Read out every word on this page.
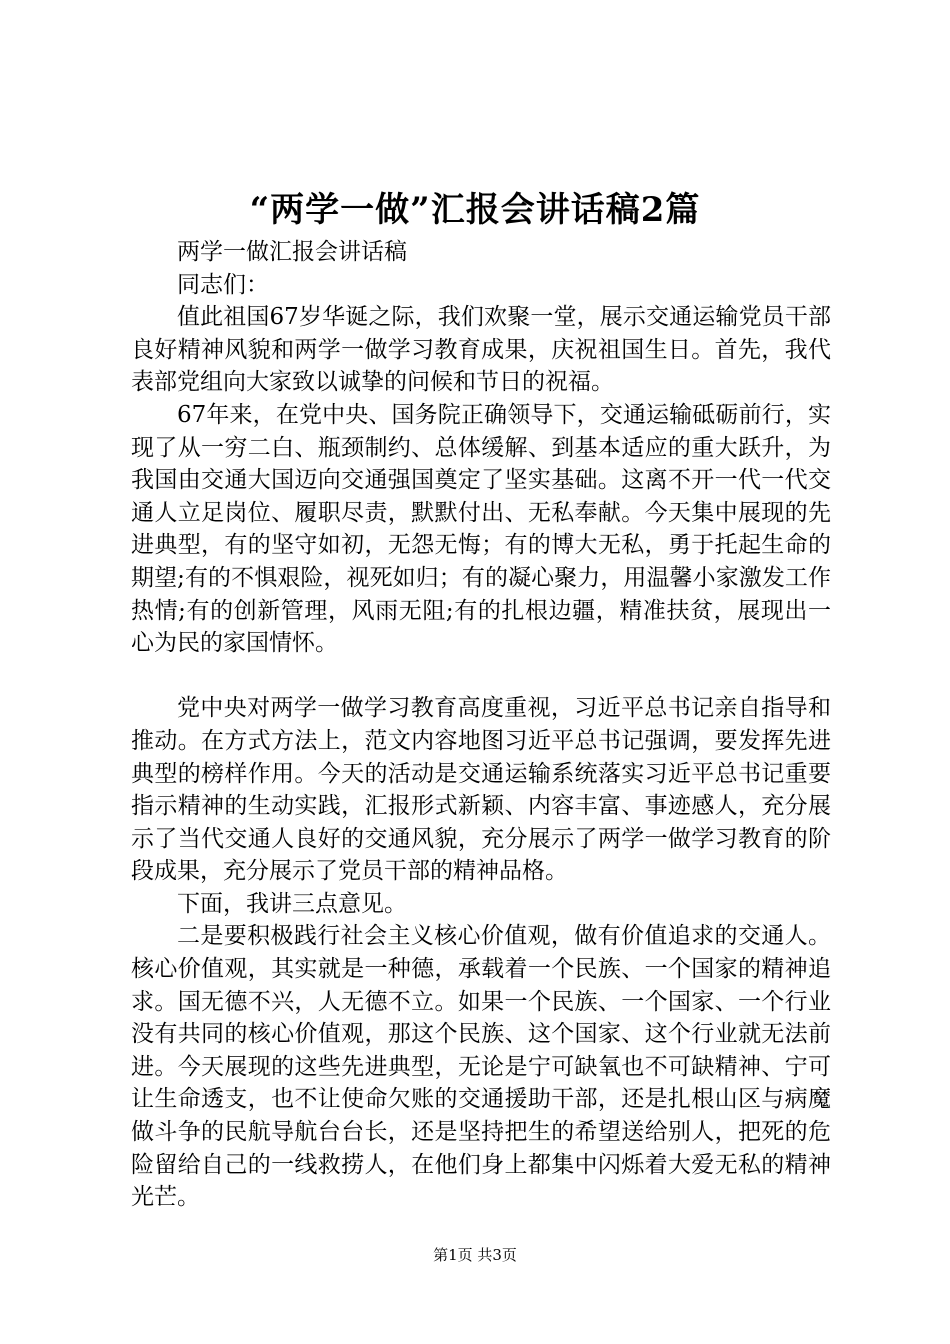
“两学一做”汇报会讲话稿2篇

两学一做汇报会讲话稿

同志们：

值此祖国67岁华诞之际，我们欢聚一堂，展示交通运输党员干部良好精神风貌和两学一做学习教育成果，庆祝祖国生日。首先，我代表部党组向大家致以诚挚的问候和节日的祝福。

67年来，在党中央、国务院正确领导下，交通运输砥砺前行，实现了从一穷二白、瓶颈制约、总体缓解、到基本适应的重大跃升，为我国由交通大国迈向交通强国奠定了坚实基础。这离不开一代一代交通人立足岗位、履职尽责，默默付出、无私奉献。今天集中展现的先进典型，有的坚守如初，无怨无悔；有的博大无私，勇于托起生命的期望;有的不惧艰险，视死如归；有的凝心聚力，用温馨小家激发工作热情;有的创新管理，风雨无阻;有的扎根边疆，精准扶贫，展现出一心为民的家国情怀。

党中央对两学一做学习教育高度重视，习近平总书记亲自指导和推动。在方式方法上，范文内容地图习近平总书记强调，要发挥先进典型的榜样作用。今天的活动是交通运输系统落实习近平总书记重要指示精神的生动实践，汇报形式新颖、内容丰富、事迹感人，充分展示了当代交通人良好的交通风貌，充分展示了两学一做学习教育的阶段成果，充分展示了党员干部的精神品格。

下面，我讲三点意见。

二是要积极践行社会主义核心价值观，做有价值追求的交通人。核心价值观，其实就是一种德，承载着一个民族、一个国家的精神追求。国无德不兴，人无德不立。如果一个民族、一个国家、一个行业没有共同的核心价值观，那这个民族、这个国家、这个行业就无法前进。今天展现的这些先进典型，无论是宁可缺氧也不可缺精神、宁可让生命透支，也不让使命欠账的交通援助干部，还是扎根山区与病魔做斗争的民航导航台台长，还是坚持把生的希望送给别人，把死的危险留给自己的一线救捞人，在他们身上都集中闪烁着大爱无私的精神光芒。

第1页 共3页
